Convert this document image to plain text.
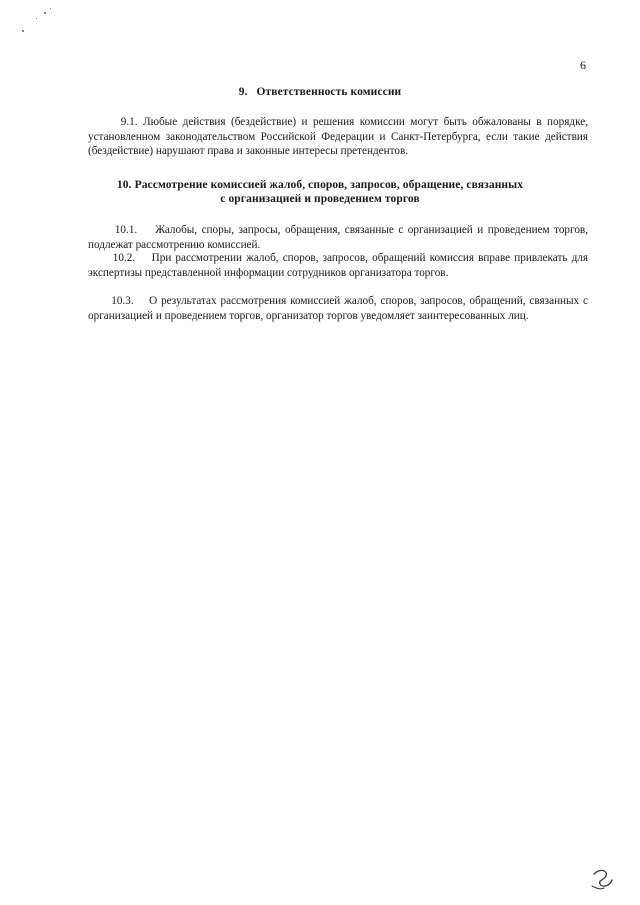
6
9.   Ответственность комиссии
9.1. Любые действия (бездействие) и решения комиссии могут быть обжалованы в порядке, установленном законодательством Российской Федерации и Санкт-Петербурга, если такие действия (бездействие) нарушают права и законные интересы претендентов.
10. Рассмотрение комиссией жалоб, споров, запросов, обращение, связанных
с организацией и проведением торгов
10.1.    Жалобы, споры, запросы, обращения, связанные с организацией и проведением торгов, подлежат рассмотрению комиссией.
10.2.    При рассмотрении жалоб, споров, запросов, обращений комиссия вправе привлекать для экспертизы представленной информации сотрудников организатора торгов.
10.3.    О результатах рассмотрения комиссией жалоб, споров, запросов, обращений, связанных с организацией и проведением торгов, организатор торгов уведомляет заинтересованных лиц.
